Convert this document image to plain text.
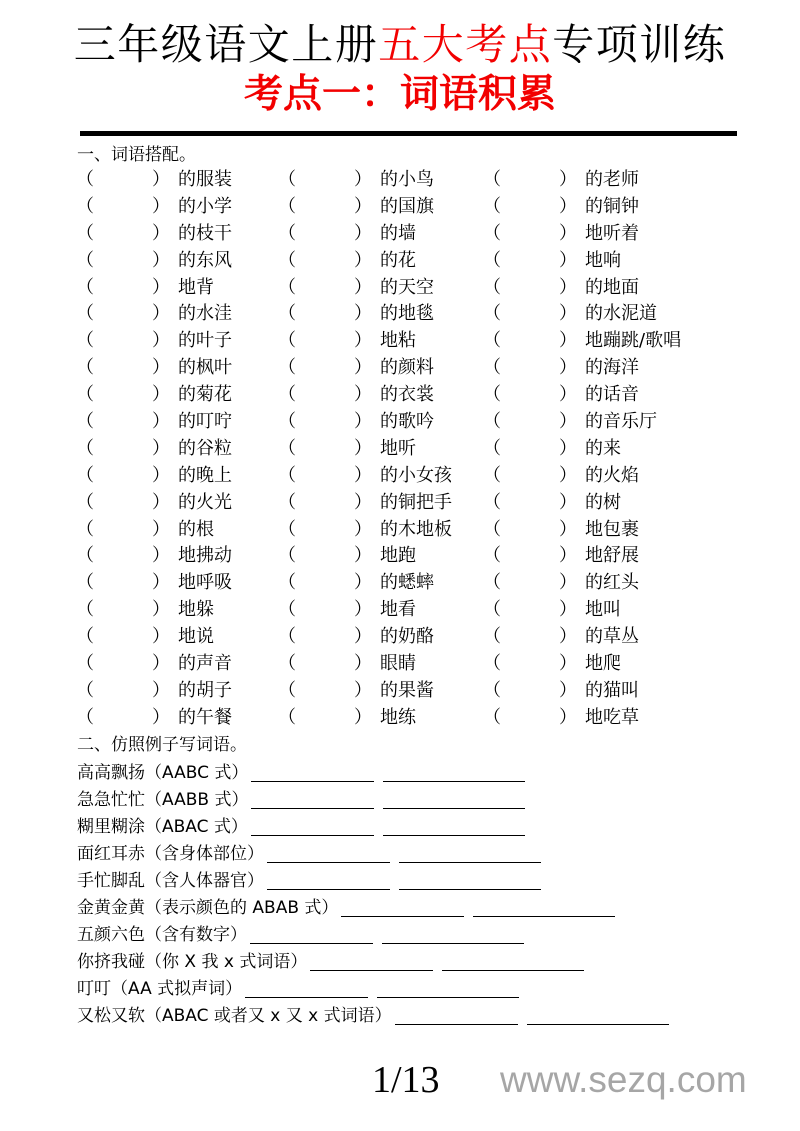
三年级语文上册五大考点专项训练
考点一：词语积累
一、词语搭配。
（	） 的服装	（	） 的小鸟	（	） 的老师
（	） 的小学	（	） 的国旗	（	） 的铜钟
（	） 的枝干	（	） 的墙	（	） 地听着
（	） 的东风	（	） 的花	（	） 地响
（	） 地背	（	） 的天空	（	） 的地面
（	） 的水洼	（	） 的地毯	（	） 的水泥道
（	） 的叶子	（	） 地粘	（	） 地蹦跳/歌唱
（	） 的枫叶	（	） 的颜料	（	） 的海洋
（	） 的菊花	（	） 的衣裳	（	） 的话音
（	） 的叮咛	（	） 的歌吟	（	） 的音乐厅
（	） 的谷粒	（	） 地听	（	） 的来
（	） 的晚上	（	） 的小女孩 （	） 的火焰
（	） 的火光	（	） 的铜把手 （	） 的树
（	） 的根	（	） 的木地板 （	） 地包裹
（	） 地拂动	（	） 地跑	（	） 地舒展
（	） 地呼吸	（	） 的蟋蟀	（	） 的红头
（	） 地躲	（	） 地看	（	） 地叫
（	） 地说	（	） 的奶酪	（	） 的草丛
（	） 的声音	（	） 眼睛	（	） 地爬
（	） 的胡子	（	） 的果酱	（	） 的猫叫
（	） 的午餐	（	） 地练	（	） 地吃草
二、仿照例子写词语。
高高飘扬（AABC 式）
急急忙忙（AABB 式）
糊里糊涂（ABAC 式）
面红耳赤（含身体部位）
手忙脚乱（含人体器官）
金黄金黄（表示颜色的 ABAB 式）
五颜六色（含有数字）
你挤我碰（你 X 我 x 式词语）
叮叮（AA 式拟声词）
又松又软（ABAC 或者又 x 又 x 式词语）
1/13 www.sezq.com
